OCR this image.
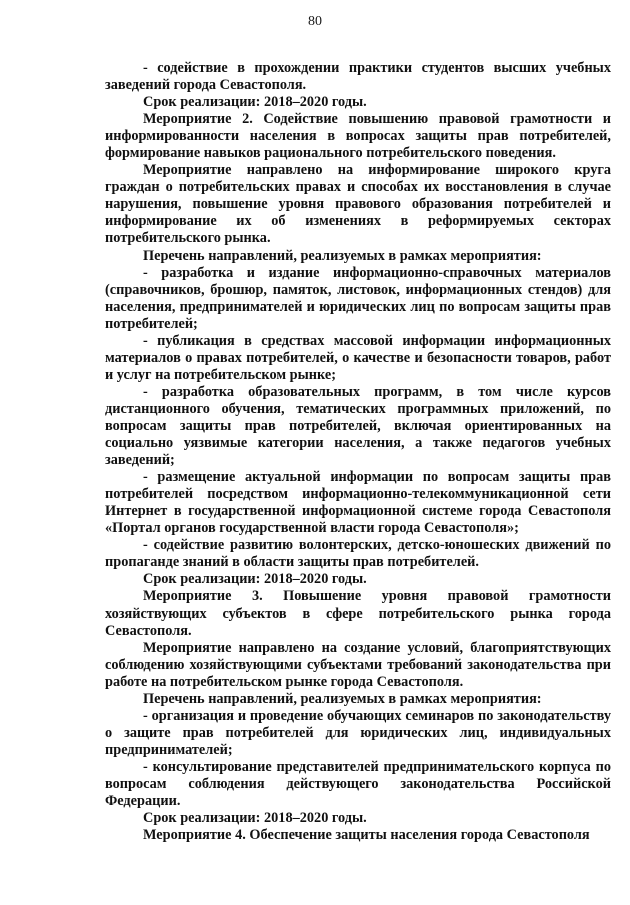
80

- содействие в прохождении практики студентов высших учебных заведений города Севастополя.

Срок реализации: 2018–2020 годы.

Мероприятие 2. Содействие повышению правовой грамотности и информированности населения в вопросах защиты прав потребителей, формирование навыков рационального потребительского поведения.

Мероприятие направлено на информирование широкого круга граждан о потребительских правах и способах их восстановления в случае нарушения, повышение уровня правового образования потребителей и информирование их об изменениях в реформируемых секторах потребительского рынка.

Перечень направлений, реализуемых в рамках мероприятия:

- разработка и издание информационно-справочных материалов (справочников, брошюр, памяток, листовок, информационных стендов) для населения, предпринимателей и юридических лиц по вопросам защиты прав потребителей;

- публикация в средствах массовой информации информационных материалов о правах потребителей, о качестве и безопасности товаров, работ и услуг на потребительском рынке;

- разработка образовательных программ, в том числе курсов дистанционного обучения, тематических программных приложений, по вопросам защиты прав потребителей, включая ориентированных на социально уязвимые категории населения, а также педагогов учебных заведений;

- размещение актуальной информации по вопросам защиты прав потребителей посредством информационно-телекоммуникационной сети Интернет в государственной информационной системе города Севастополя «Портал органов государственной власти города Севастополя»;

- содействие развитию волонтерских, детско-юношеских движений по пропаганде знаний в области защиты прав потребителей.

Срок реализации: 2018–2020 годы.

Мероприятие 3. Повышение уровня правовой грамотности хозяйствующих субъектов в сфере потребительского рынка города Севастополя.

Мероприятие направлено на создание условий, благоприятствующих соблюдению хозяйствующими субъектами требований законодательства при работе на потребительском рынке города Севастополя.

Перечень направлений, реализуемых в рамках мероприятия:

- организация и проведение обучающих семинаров по законодательству о защите прав потребителей для юридических лиц, индивидуальных предпринимателей;

- консультирование представителей предпринимательского корпуса по вопросам соблюдения действующего законодательства Российской Федерации.

Срок реализации: 2018–2020 годы.

Мероприятие 4. Обеспечение защиты населения города Севастополя
